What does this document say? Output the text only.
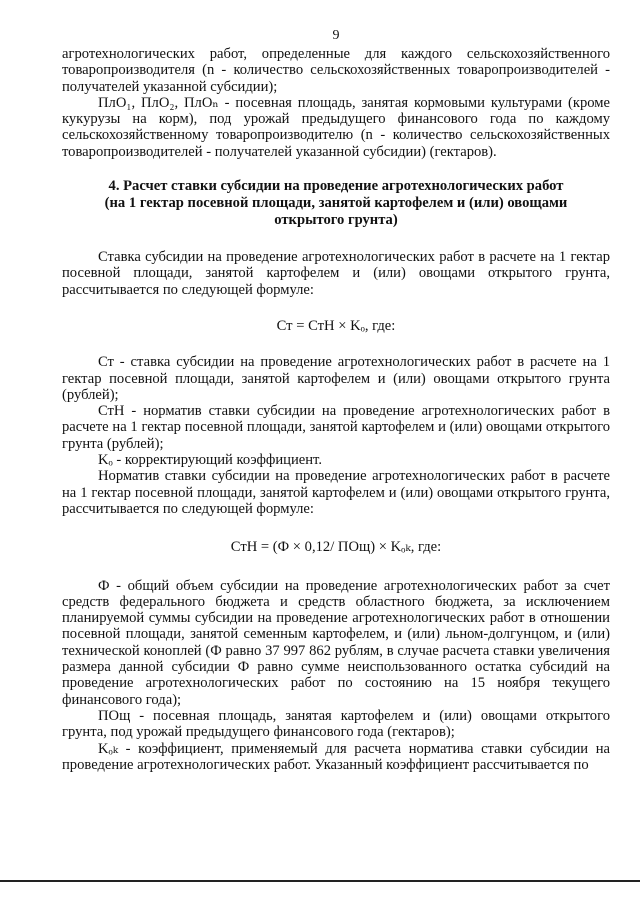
9

агротехнологических работ, определенные для каждого сельскохозяйственного товаропроизводителя (n - количество сельскохозяйственных товаропроизводителей - получателей указанной субсидии);

ПлО₁, ПлО₂, ПлОₙ - посевная площадь, занятая кормовыми культурами (кроме кукурузы на корм), под урожай предыдущего финансового года по каждому сельскохозяйственному товаропроизводителю (n - количество сельскохозяйственных товаропроизводителей - получателей указанной субсидии) (гектаров).

4. Расчет ставки субсидии на проведение агротехнологических работ
(на 1 гектар посевной площади, занятой картофелем и (или) овощами
открытого грунта)

Ставка субсидии на проведение агротехнологических работ в расчете на 1 гектар посевной площади, занятой картофелем и (или) овощами открытого грунта, рассчитывается по следующей формуле:

Ст = СтН × Kₒ, где:

Ст - ставка субсидии на проведение агротехнологических работ в расчете на 1 гектар посевной площади, занятой картофелем и (или) овощами открытого грунта (рублей);

СтН - норматив ставки субсидии на проведение агротехнологических работ в расчете на 1 гектар посевной площади, занятой картофелем и (или) овощами открытого грунта (рублей);

Kₒ - корректирующий коэффициент.

Норматив ставки субсидии на проведение агротехнологических работ в расчете на 1 гектар посевной площади, занятой картофелем и (или) овощами открытого грунта, рассчитывается по следующей формуле:

СтН = (Ф × 0,12/ ПОщ) × Kₒₖ, где:

Ф - общий объем субсидии на проведение агротехнологических работ за счет средств федерального бюджета и средств областного бюджета, за исключением планируемой суммы субсидии на проведение агротехнологических работ в отношении посевной площади, занятой семенным картофелем, и (или) льном-долгунцом, и (или) технической коноплей (Ф равно 37 997 862 рублям, в случае расчета ставки увеличения размера данной субсидии Ф равно сумме неиспользованного остатка субсидий на проведение агротехнологических работ по состоянию на 15 ноября текущего финансового года);

ПОщ - посевная площадь, занятая картофелем и (или) овощами открытого грунта, под урожай предыдущего финансового года (гектаров);

Kₒₖ - коэффициент, применяемый для расчета норматива ставки субсидии на проведение агротехнологических работ. Указанный коэффициент рассчитывается по
